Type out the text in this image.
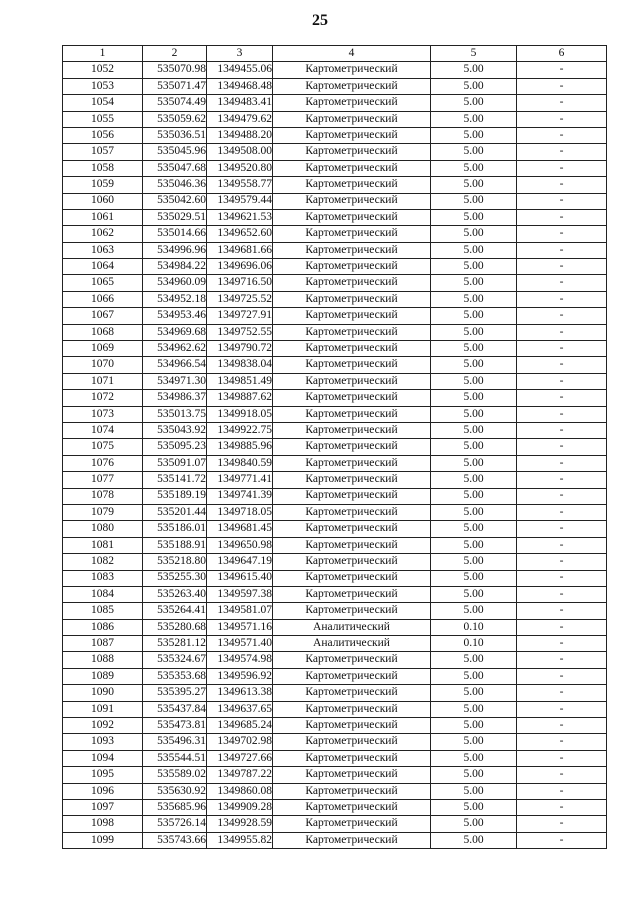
25
1	2	3	4	5	6
1052	535070.98	1349455.06	Картометрический	5.00	-
1053	535071.47	1349468.48	Картометрический	5.00	-
1054	535074.49	1349483.41	Картометрический	5.00	-
1055	535059.62	1349479.62	Картометрический	5.00	-
1056	535036.51	1349488.20	Картометрический	5.00	-
1057	535045.96	1349508.00	Картометрический	5.00	-
1058	535047.68	1349520.80	Картометрический	5.00	-
1059	535046.36	1349558.77	Картометрический	5.00	-
1060	535042.60	1349579.44	Картометрический	5.00	-
1061	535029.51	1349621.53	Картометрический	5.00	-
1062	535014.66	1349652.60	Картометрический	5.00	-
1063	534996.96	1349681.66	Картометрический	5.00	-
1064	534984.22	1349696.06	Картометрический	5.00	-
1065	534960.09	1349716.50	Картометрический	5.00	-
1066	534952.18	1349725.52	Картометрический	5.00	-
1067	534953.46	1349727.91	Картометрический	5.00	-
1068	534969.68	1349752.55	Картометрический	5.00	-
1069	534962.62	1349790.72	Картометрический	5.00	-
1070	534966.54	1349838.04	Картометрический	5.00	-
1071	534971.30	1349851.49	Картометрический	5.00	-
1072	534986.37	1349887.62	Картометрический	5.00	-
1073	535013.75	1349918.05	Картометрический	5.00	-
1074	535043.92	1349922.75	Картометрический	5.00	-
1075	535095.23	1349885.96	Картометрический	5.00	-
1076	535091.07	1349840.59	Картометрический	5.00	-
1077	535141.72	1349771.41	Картометрический	5.00	-
1078	535189.19	1349741.39	Картометрический	5.00	-
1079	535201.44	1349718.05	Картометрический	5.00	-
1080	535186.01	1349681.45	Картометрический	5.00	-
1081	535188.91	1349650.98	Картометрический	5.00	-
1082	535218.80	1349647.19	Картометрический	5.00	-
1083	535255.30	1349615.40	Картометрический	5.00	-
1084	535263.40	1349597.38	Картометрический	5.00	-
1085	535264.41	1349581.07	Картометрический	5.00	-
1086	535280.68	1349571.16	Аналитический	0.10	-
1087	535281.12	1349571.40	Аналитический	0.10	-
1088	535324.67	1349574.98	Картометрический	5.00	-
1089	535353.68	1349596.92	Картометрический	5.00	-
1090	535395.27	1349613.38	Картометрический	5.00	-
1091	535437.84	1349637.65	Картометрический	5.00	-
1092	535473.81	1349685.24	Картометрический	5.00	-
1093	535496.31	1349702.98	Картометрический	5.00	-
1094	535544.51	1349727.66	Картометрический	5.00	-
1095	535589.02	1349787.22	Картометрический	5.00	-
1096	535630.92	1349860.08	Картометрический	5.00	-
1097	535685.96	1349909.28	Картометрический	5.00	-
1098	535726.14	1349928.59	Картометрический	5.00	-
1099	535743.66	1349955.82	Картометрический	5.00	-
